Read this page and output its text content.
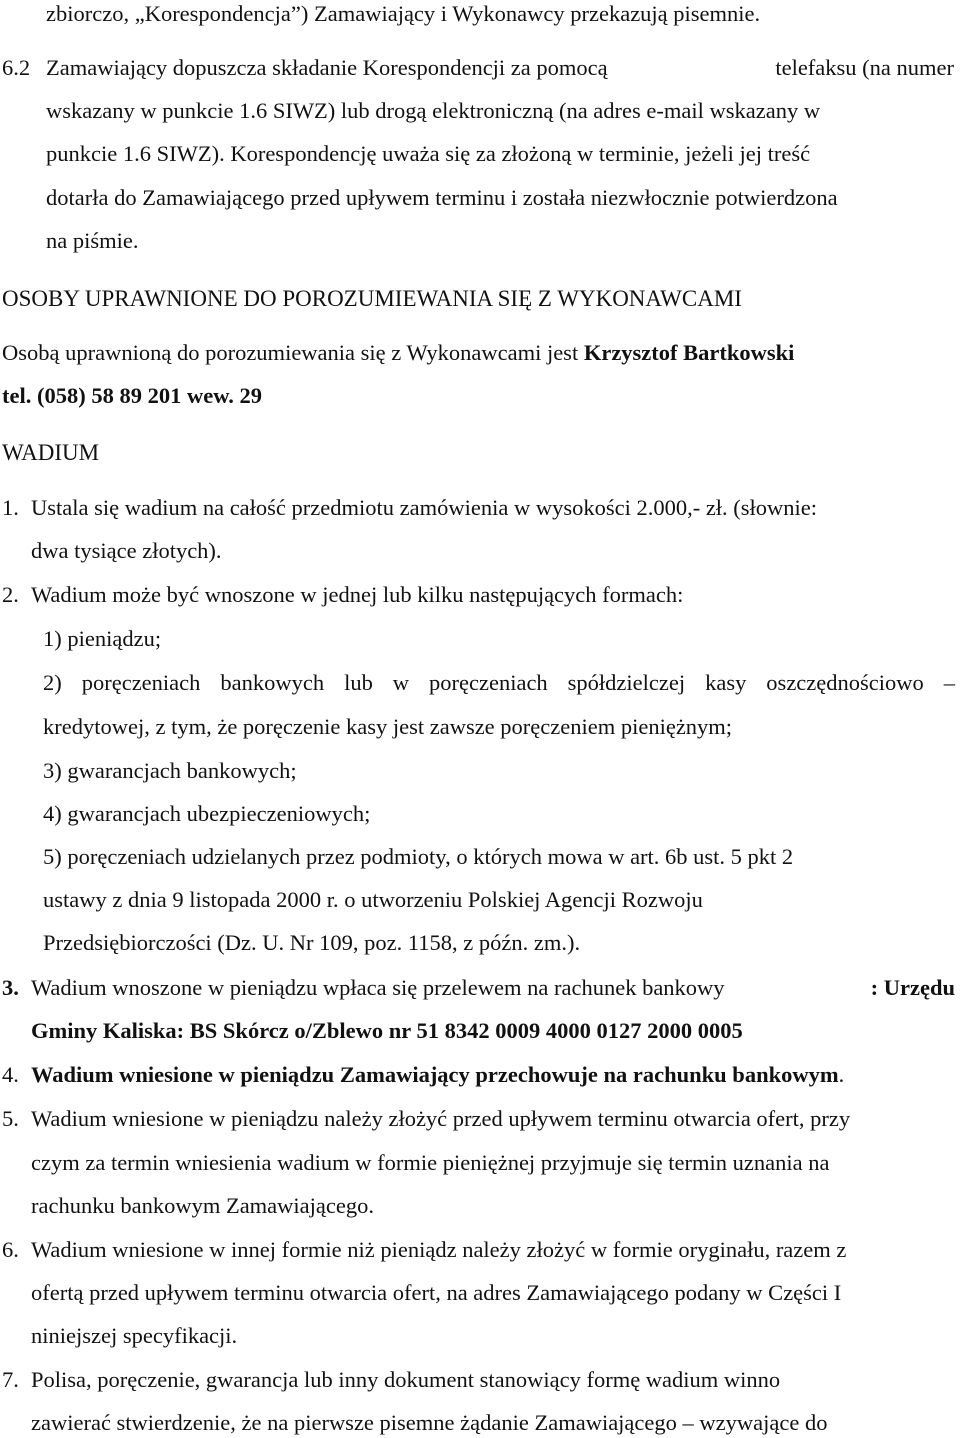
zbiorczo, „Korespondencja”) Zamawiający i Wykonawcy przekazują pisemnie.
6.2 Zamawiający dopuszcza składanie Korespondencji za pomocą	telefaksu (na numer
wskazany w punkcie 1.6 SIWZ) lub drogą elektroniczną (na adres e-mail wskazany w
punkcie 1.6 SIWZ). Korespondencję uważa się za złożoną w terminie, jeżeli jej treść
dotarła do Zamawiającego przed upływem terminu i została niezwłocznie potwierdzona
na piśmie.
OSOBY UPRAWNIONE DO POROZUMIEWANIA SIĘ Z WYKONAWCAMI
Osobą uprawnioną do porozumiewania się z Wykonawcami jest Krzysztof Bartkowski
tel. (058) 58 89 201 wew. 29
WADIUM
1. Ustala się wadium na całość przedmiotu zamówienia w wysokości 2.000,- zł. (słownie:
dwa tysiące złotych).
2. Wadium może być wnoszone w jednej lub kilku następujących formach:
1) pieniądzu;
2) poręczeniach bankowych lub w poręczeniach spółdzielczej kasy oszczędnościowo –
kredytowej, z tym, że poręczenie kasy jest zawsze poręczeniem pieniężnym;
3) gwarancjach bankowych;
4) gwarancjach ubezpieczeniowych;
5) poręczeniach udzielanych przez podmioty, o których mowa w art. 6b ust. 5 pkt 2
ustawy z dnia 9 listopada 2000 r. o utworzeniu Polskiej Agencji Rozwoju
Przedsiębiorczości (Dz. U. Nr 109, poz. 1158, z późn. zm.).
3. Wadium wnoszone w pieniądzu wpłaca się przelewem na rachunek bankowy	: Urzędu
Gminy Kaliska: BS Skórcz o/Zblewo nr 51 8342 0009 4000 0127 2000 0005
4. Wadium wniesione w pieniądzu Zamawiający przechowuje na rachunku bankowym.
5. Wadium wniesione w pieniądzu należy złożyć przed upływem terminu otwarcia ofert, przy
czym za termin wniesienia wadium w formie pieniężnej przyjmuje się termin uznania na
rachunku bankowym Zamawiającego.
6. Wadium wniesione w innej formie niż pieniądz należy złożyć w formie oryginału, razem z
ofertą przed upływem terminu otwarcia ofert, na adres Zamawiającego podany w Części I
niniejszej specyfikacji.
7. Polisa, poręczenie, gwarancja lub inny dokument stanowiący formę wadium winno
zawierać stwierdzenie, że na pierwsze pisemne żądanie Zamawiającego – wzywające do
